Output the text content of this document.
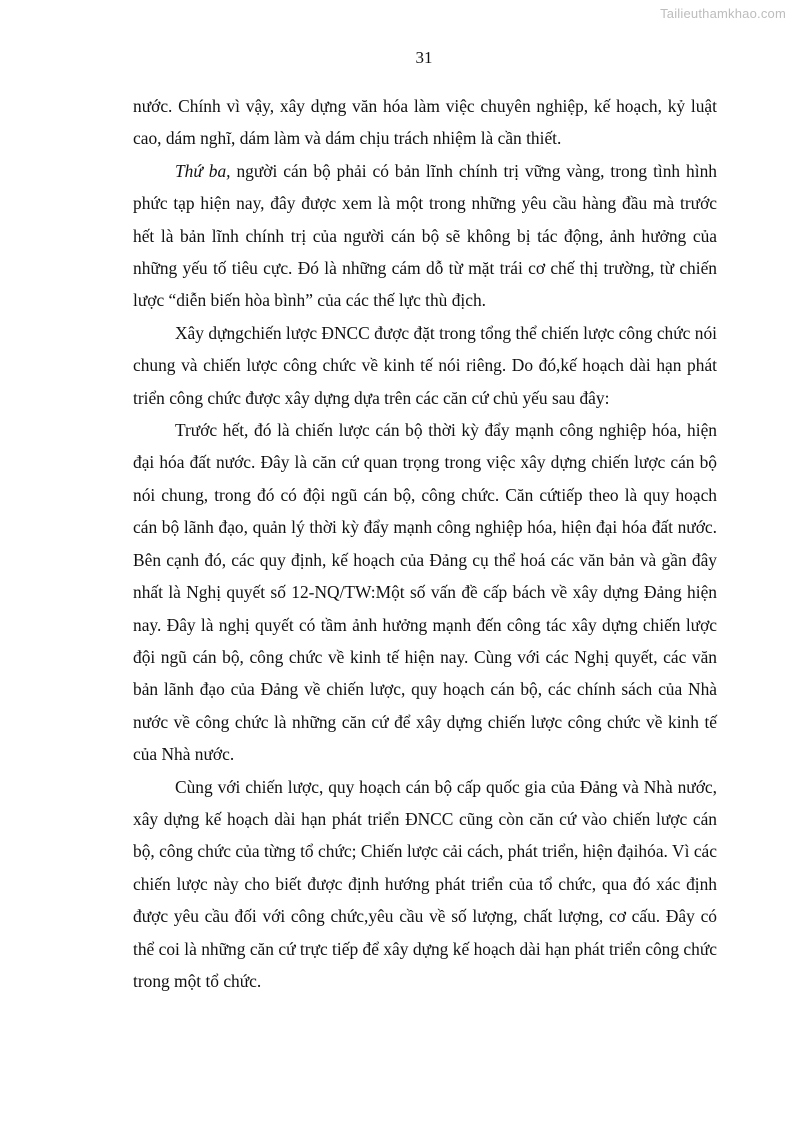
Tailieuthamkhao.com
31

nước. Chính vì vậy, xây dựng văn hóa làm việc chuyên nghiệp, kế hoạch, kỷ luật cao, dám nghĩ, dám làm và dám chịu trách nhiệm là cần thiết.

Thứ ba, người cán bộ phải có bản lĩnh chính trị vững vàng, trong tình hình phức tạp hiện nay, đây được xem là một trong những yêu cầu hàng đầu mà trước hết là bản lĩnh chính trị của người cán bộ sẽ không bị tác động, ảnh hưởng của những yếu tố tiêu cực. Đó là những cám dỗ từ mặt trái cơ chế thị trường, từ chiến lược “diễn biến hòa bình” của các thế lực thù địch.

Xây dựngchiến lược ĐNCC được đặt trong tổng thể chiến lược công chức nói chung và chiến lược công chức về kinh tế nói riêng. Do đó,kế hoạch dài hạn phát triển công chức được xây dựng dựa trên các căn cứ chủ yếu sau đây:

Trước hết, đó là chiến lược cán bộ thời kỳ đẩy mạnh công nghiệp hóa, hiện đại hóa đất nước. Đây là căn cứ quan trọng trong việc xây dựng chiến lược cán bộ nói chung, trong đó có đội ngũ cán bộ, công chức. Căn cứtiếp theo là quy hoạch cán bộ lãnh đạo, quản lý thời kỳ đẩy mạnh công nghiệp hóa, hiện đại hóa đất nước. Bên cạnh đó, các quy định, kế hoạch của Đảng cụ thể hoá các văn bản và gần đây nhất là Nghị quyết số 12-NQ/TW:Một số vấn đề cấp bách về xây dựng Đảng hiện nay. Đây là nghị quyết có tầm ảnh hưởng mạnh đến công tác xây dựng chiến lược đội ngũ cán bộ, công chức về kinh tế hiện nay. Cùng với các Nghị quyết, các văn bản lãnh đạo của Đảng về chiến lược, quy hoạch cán bộ, các chính sách của Nhà nước về công chức là những căn cứ để xây dựng chiến lược công chức về kinh tế của Nhà nước.

Cùng với chiến lược, quy hoạch cán bộ cấp quốc gia của Đảng và Nhà nước, xây dựng kế hoạch dài hạn phát triển ĐNCC cũng còn căn cứ vào chiến lược cán bộ, công chức của từng tổ chức; Chiến lược cải cách, phát triển, hiện đạihóa. Vì các chiến lược này cho biết được định hướng phát triển của tổ chức, qua đó xác định được yêu cầu đối với công chức,yêu cầu về số lượng, chất lượng, cơ cấu. Đây có thể coi là những căn cứ trực tiếp để xây dựng kế hoạch dài hạn phát triển công chức trong một tổ chức.
